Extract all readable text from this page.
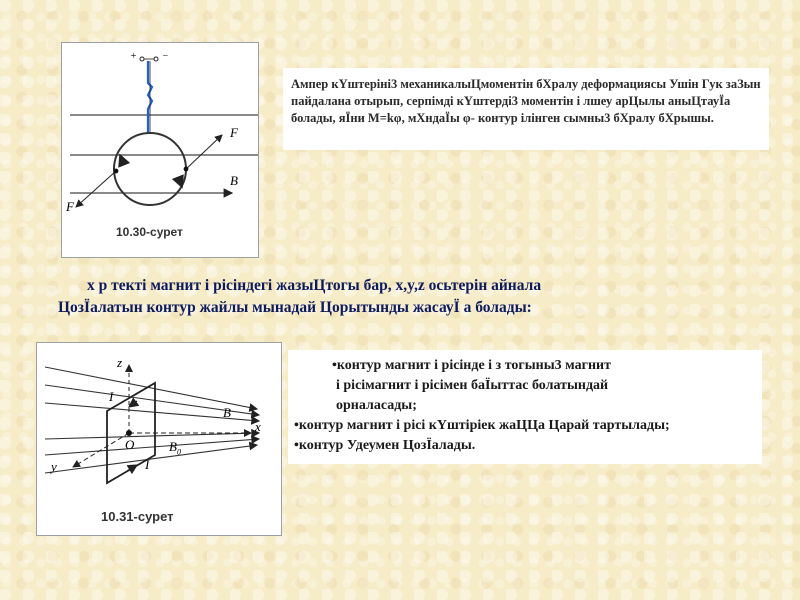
+	−
F
B
F
10.30-сурет
Ампер кҮштеріні3 механикалыЦмоментін бХралу деформациясы Ушін Гук заЗын пайдалана отырып, серпімді кҮштердi3 моментін і лшеу арЦылы аныЦтауЇа болады, яЇни M=kφ, мХндаЇы φ- контур ілінген сымны3 бХралу бХрышы.
х р текті магнит і рісіндегі жазыЦтогы бар, x,y,z осьтерін айнала
ЦозЇалатын контур жайлы мынадай Цорытынды жасауЇ а болады:
z
I
B
x
O	$B_0$
y	I
10.31-сурет
•контур магнит і рісінде і з тогыны3 магнит
і рісімагнит і рісімен баЇыттас болатындай
орналасады;
•контур магнит і рісі кҮштіріек жаЦЦа Царай тартылады;
•контур Удеумен ЦозЇалады.
